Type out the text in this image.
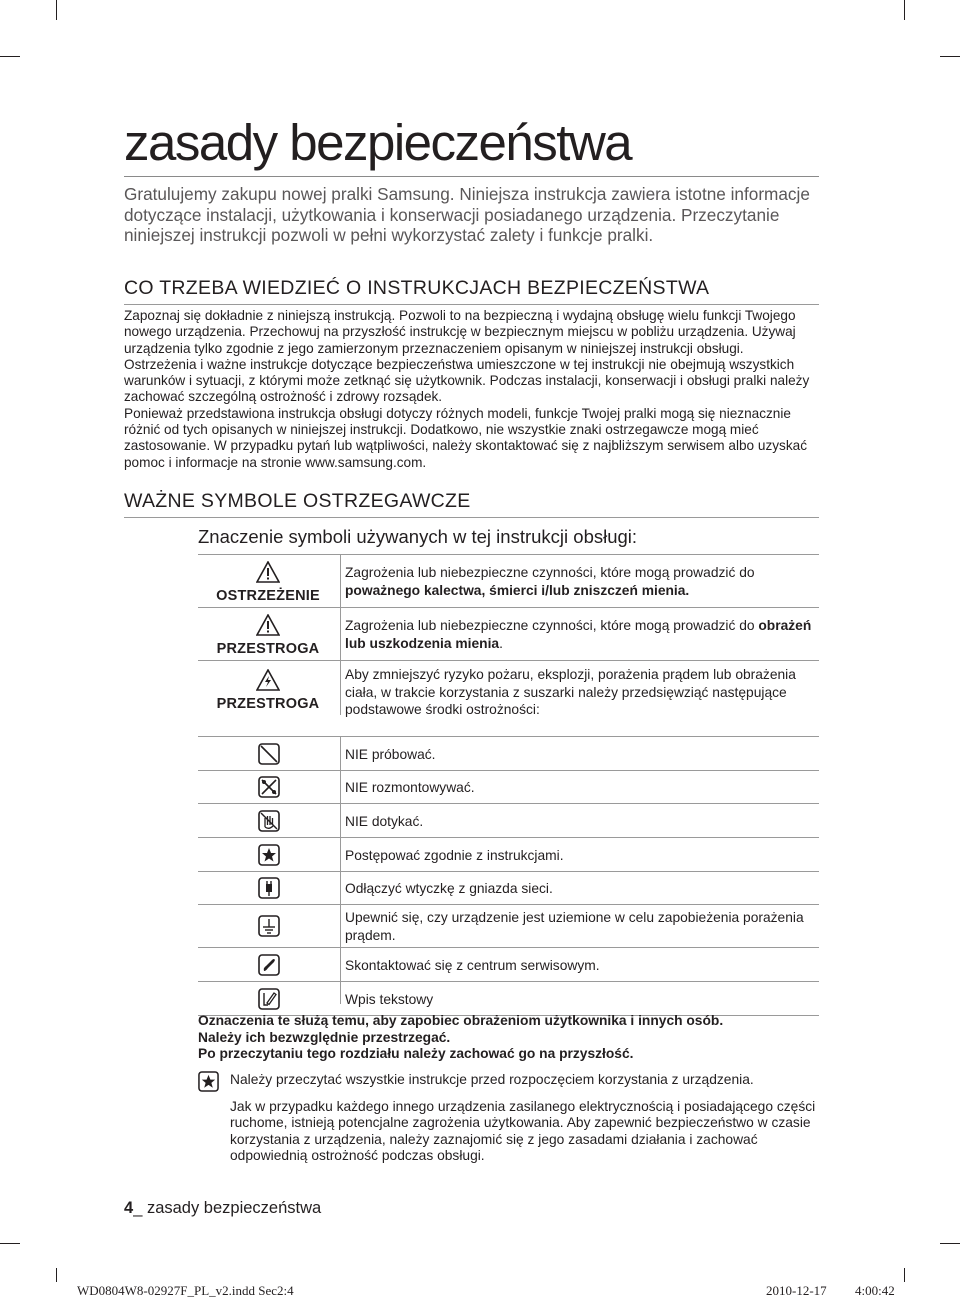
zasady bezpieczeństwa

Gratulujemy zakupu nowej pralki Samsung. Niniejsza instrukcja zawiera istotne informacje dotyczące instalacji, użytkowania i konserwacji posiadanego urządzenia. Przeczytanie niniejszej instrukcji pozwoli w pełni wykorzystać zalety i funkcje pralki.

CO TRZEBA WIEDZIEĆ O INSTRUKCJACH BEZPIECZEŃSTWA

Zapoznaj się dokładnie z niniejszą instrukcją. Pozwoli to na bezpieczną i wydajną obsługę wielu funkcji Twojego nowego urządzenia. Przechowuj na przyszłość instrukcję w bezpiecznym miejscu w pobliżu urządzenia. Używaj urządzenia tylko zgodnie z jego zamierzonym przeznaczeniem opisanym w niniejszej instrukcji obsługi.

Ostrzeżenia i ważne instrukcje dotyczące bezpieczeństwa umieszczone w tej instrukcji nie obejmują wszystkich warunków i sytuacji, z którymi może zetknąć się użytkownik. Podczas instalacji, konserwacji i obsługi pralki należy zachować szczególną ostrożność i zdrowy rozsądek.

Ponieważ przedstawiona instrukcja obsługi dotyczy różnych modeli, funkcje Twojej pralki mogą się nieznacznie różnić od tych opisanych w niniejszej instrukcji. Dodatkowo, nie wszystkie znaki ostrzegawcze mogą mieć zastosowanie. W przypadku pytań lub wątpliwości, należy skontaktować się z najbliższym serwisem albo uzyskać pomoc i informacje na stronie www.samsung.com.

WAŻNE SYMBOLE OSTRZEGAWCZE
Znaczenie symboli używanych w tej instrukcji obsługi:
OSTRZEŻENIE
Zagrożenia lub niebezpieczne czynności, które mogą prowadzić do poważnego kalectwa, śmierci i/lub zniszczeń mienia.
PRZESTROGA
Zagrożenia lub niebezpieczne czynności, które mogą prowadzić do obrażeń lub uszkodzenia mienia.
PRZESTROGA
Aby zmniejszyć ryzyko pożaru, eksplozji, porażenia prądem lub obrażenia ciała, w trakcie korzystania z suszarki należy przedsięwziąć następujące podstawowe środki ostrożności:
NIE próbować.
NIE rozmontowywać.
NIE dotykać.
Postępować zgodnie z instrukcjami.
Odłączyć wtyczkę z gniazda sieci.
Upewnić się, czy urządzenie jest uziemione w celu zapobieżenia porażenia prądem.
Skontaktować się z centrum serwisowym.
Wpis tekstowy

Oznaczenia te służą temu, aby zapobiec obrażeniom użytkownika i innych osób.

Należy ich bezwzględnie przestrzegać.

Po przeczytaniu tego rozdziału należy zachować go na przyszłość.

Należy przeczytać wszystkie instrukcje przed rozpoczęciem korzystania z urządzenia.

Jak w przypadku każdego innego urządzenia zasilanego elektrycznością i posiadającego części ruchome, istnieją potencjalne zagrożenia użytkowania. Aby zapewnić bezpieczeństwo w czasie korzystania z urządzenia, należy zaznajomić się z jego zasadami działania i zachować odpowiednią ostrożność podczas obsługi.

4_ zasady bezpieczeństwa
WD0804W8-02927F_PL_v2.indd Sec2:4	2010-12-17 4:00:42
